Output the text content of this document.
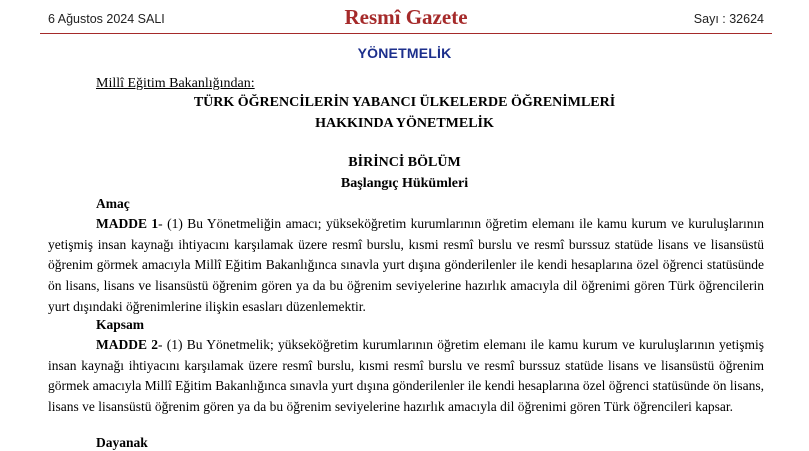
6 Ağustos 2024 SALI	Resmî Gazete	Sayı : 32624
YÖNETMELİK
Millî Eğitim Bakanlığından:
TÜRK ÖĞRENCİLERİN YABANCI ÜLKELERDE ÖĞRENİMLERİ
HAKKINDA YÖNETMELİK
BİRİNCİ BÖLÜM
Başlangıç Hükümleri
Amaç

MADDE 1- (1) Bu Yönetmeliğin amacı; yükseköğretim kurumlarının öğretim elemanı ile kamu kurum ve kuruluşlarının yetişmiş insan kaynağı ihtiyacını karşılamak üzere resmî burslu, kısmi resmî burslu ve resmî burssuz statüde lisans ve lisansüstü öğrenim görmek amacıyla Millî Eğitim Bakanlığınca sınavla yurt dışına gönderilenler ile kendi hesaplarına özel öğrenci statüsünde ön lisans, lisans ve lisansüstü öğrenim gören ya da bu öğrenim seviyelerine hazırlık amacıyla dil öğrenimi gören Türk öğrencilerin yurt dışındaki öğrenimlerine ilişkin esasları düzenlemektir.

Kapsam

MADDE 2- (1) Bu Yönetmelik; yükseköğretim kurumlarının öğretim elemanı ile kamu kurum ve kuruluşlarının yetişmiş insan kaynağı ihtiyacını karşılamak üzere resmî burslu, kısmi resmî burslu ve resmî burssuz statüde lisans ve lisansüstü öğrenim görmek amacıyla Millî Eğitim Bakanlığınca sınavla yurt dışına gönderilenler ile kendi hesaplarına özel öğrenci statüsünde ön lisans, lisans ve lisansüstü öğrenim gören ya da bu öğrenim seviyelerine hazırlık amacıyla dil öğrenimi gören Türk öğrencileri kapsar.

Dayanak
